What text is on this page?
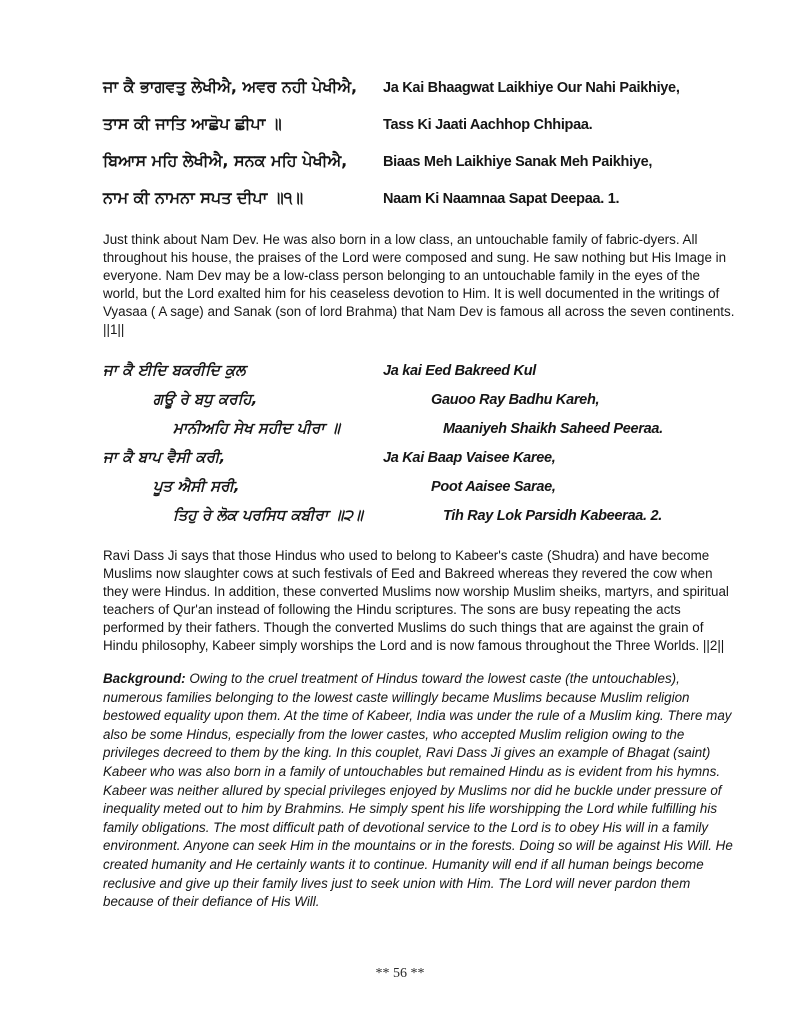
ਜਾ ਕੈ ਭਾਗਵਤੁ ਲੇਖੀਐ, ਅਵਰ ਨਹੀ ਪੇਖੀਐ,	Ja Kai Bhaagwat Laikhiye Our Nahi Paikhiye,
ਤਾਸ ਕੀ ਜਾਤਿ ਆਛੋਪ ਛੀਪਾ ॥	Tass Ki Jaati Aachhop Chhipaa.
ਬਿਆਸ ਮਹਿ ਲੇਖੀਐ, ਸਨਕ ਮਹਿ ਪੇਖੀਐ,	Biaas Meh Laikhiye Sanak Meh Paikhiye,
ਨਾਮ ਕੀ ਨਾਮਨਾ ਸਪਤ ਦੀਪਾ ॥੧॥	Naam Ki Naamnaa Sapat Deepaa. 1.

Just think about Nam Dev. He was also born in a low class, an untouchable family of fabric-dyers. All throughout his house, the praises of the Lord were composed and sung. He saw nothing but His Image in everyone. Nam Dev may be a low-class person belonging to an untouchable family in the eyes of the world, but the Lord exalted him for his ceaseless devotion to Him. It is well documented in the writings of Vyasaa ( A sage) and Sanak (son of lord Brahma) that Nam Dev is famous all across the seven continents. ||1||

ਜਾ ਕੈ ਈਦਿ ਬਕਰੀਦਿ ਕੁਲ	Ja kai Eed Bakreed Kul
ਗਊ ਰੇ ਬਧੁ ਕਰਹਿ,	Gauoo Ray Badhu Kareh,
ਮਾਨੀਅਹਿ ਸੇਖ ਸਹੀਦ ਪੀਰਾ ॥	Maaniyeh Shaikh Saheed Peeraa.
ਜਾ ਕੈ ਬਾਪ ਵੈਸੀ ਕਰੀ,	Ja Kai Baap Vaisee Karee,
ਪੂਤ ਐਸੀ ਸਰੀ,	Poot Aaisee Sarae,
ਤਿਹੁ ਰੇ ਲੋਕ ਪਰਸਿਧ ਕਬੀਰਾ ॥੨॥	Tih Ray Lok Parsidh Kabeeraa. 2.

Ravi Dass Ji says that those Hindus who used to belong to Kabeer's caste (Shudra) and have become Muslims now slaughter cows at such festivals of Eed and Bakreed whereas they revered the cow when they were Hindus. In addition, these converted Muslims now worship Muslim sheiks, martyrs, and spiritual teachers of Qur'an instead of following the Hindu scriptures. The sons are busy repeating the acts performed by their fathers. Though the converted Muslims do such things that are against the grain of Hindu philosophy, Kabeer simply worships the Lord and is now famous throughout the Three Worlds. ||2||

Background: Owing to the cruel treatment of Hindus toward the lowest caste (the untouchables), numerous families belonging to the lowest caste willingly became Muslims because Muslim religion bestowed equality upon them. At the time of Kabeer, India was under the rule of a Muslim king. There may also be some Hindus, especially from the lower castes, who accepted Muslim religion owing to the privileges decreed to them by the king. In this couplet, Ravi Dass Ji gives an example of Bhagat (saint) Kabeer who was also born in a family of untouchables but remained Hindu as is evident from his hymns. Kabeer was neither allured by special privileges enjoyed by Muslims nor did he buckle under pressure of inequality meted out to him by Brahmins. He simply spent his life worshipping the Lord while fulfilling his family obligations. The most difficult path of devotional service to the Lord is to obey His will in a family environment. Anyone can seek Him in the mountains or in the forests. Doing so will be against His Will. He created humanity and He certainly wants it to continue. Humanity will end if all human beings become reclusive and give up their family lives just to seek union with Him. The Lord will never pardon them because of their defiance of His Will.

** 56 **
